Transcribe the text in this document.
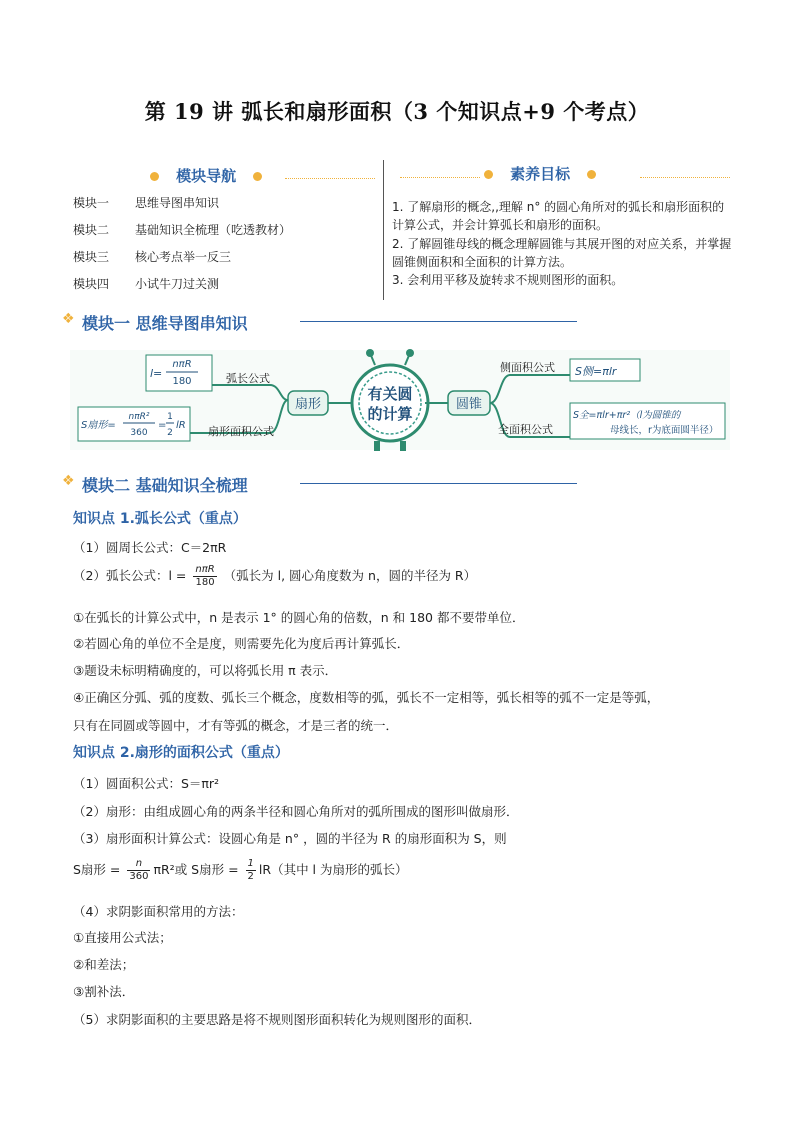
第 19 讲 弧长和扇形面积（3 个知识点+9 个考点）
模块导航
模块一 思维导图串知识
模块二 基础知识全梳理（吃透教材）
模块三 核心考点举一反三
模块四 小试牛刀过关测
素养目标
1. 了解扇形的概念,,理解 n° 的圆心角所对的弧长和扇形面积的计算公式，并会计算弧长和扇形的面积。
2. 了解圆锥母线的概念理解圆锥与其展开图的对应关系，并掌握圆锥侧面积和全面积的计算方法。
3. 会利用平移及旋转求不规则图形的面积。
❖ 模块一 思维导图串知识
扇形
有关圆
的计算
圆锥
l=
nπR
180	弧长公式
S扇形=
nπR²
360
=
1
2
lR 扇形面积公式
侧面积公式 S侧=πlr
全面积公式
S全=πlr+πr²（l为圆锥的
母线长，r为底面圆半径）
❖ 模块二 基础知识全梳理
知识点 1.弧长公式（重点）
（1）圆周长公式：C＝2πR
（2）弧长公式：$l = \frac{\text{nπR}}{180}$ （弧长为 l, 圆心角度数为 n，圆的半径为 R）
①在弧长的计算公式中，n 是表示 1° 的圆心角的倍数，n 和 180 都不要带单位．
②若圆心角的单位不全是度，则需要先化为度后再计算弧长．
③题设未标明精确度的，可以将弧长用 π 表示．
④正确区分弧、弧的度数、弧长三个概念，度数相等的弧，弧长不一定相等，弧长相等的弧不一定是等弧，
只有在同圆或等圆中，才有等弧的概念，才是三者的统一．
知识点 2.扇形的面积公式（重点）
（1）圆面积公式：S＝πr²
（2）扇形：由组成圆心角的两条半径和圆心角所对的弧所围成的图形叫做扇形．
（3）扇形面积计算公式：设圆心角是 n° ，圆的半径为 R 的扇形面积为 S，则
S扇形 = $\frac{n}{360} \pi R^2$或 S扇形 = $\frac{1}{2} lR$（其中 l 为扇形的弧长）
（4）求阴影面积常用的方法：
①直接用公式法；
②和差法；
③割补法．
（5）求阴影面积的主要思路是将不规则图形面积转化为规则图形的面积．
